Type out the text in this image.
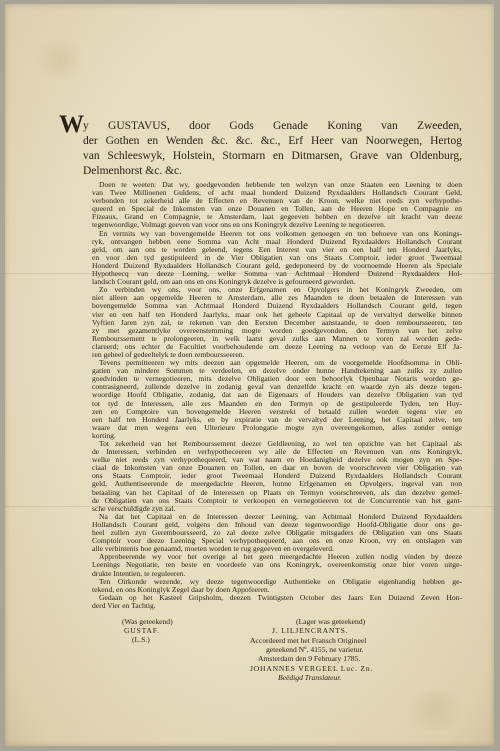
W y GUSTAVUS, door Gods Genade Koning van Zweeden,
der Gothen en Wenden &c. &c. &c., Erf Heer van Noorwegen, Hertog
van Schleeswyk, Holstein, Stormarn en Ditmarsen, Grave van Oldenburg,
Delmenhorst &c. &c.
Doen te weeten: Dat wy, goedgevonden hebbende ten welzyn van onze Staaten een Leening te doen
van Twee Millioenen Guldens, of acht maal honderd Duizend Ryxdaalders Hollandsch Courant Geld,
verbonden tot zekerheid alle de Effecten en Revenuen van de Kroon, welke niet reeds zyn verhypothe-
queerd en Special de Inkomsten van onze Douanen en Tollen, aan de Heeren Hope en Compagnie en
Fizeaux, Grand en Compagnie, te Amsterdam, laat gegeeven hebben en dezelve uit kracht van deeze
tegenwoordige, Volmagt geeven van voor ons en ons Koningryk dezelve Leening te negotieeren.
En vermits wy van bovengemelde Heeren tot ons volkomen genoegen en ten behoeve van ons Konings-
ryk, ontvangen hebben eene Somma van Acht maal Honderd Duizend Ryxdaalders Hollandsch Courant
geld, om aan ons te worden geleend, tegens Een Interest van vier en een half ten Honderd Jaarlyks,
en voor den tyd gestipuleerd in de Vier Obligatien van ons Staats Comptoir, ieder groot Tweemaal
Honderd Duizend Ryxdaalders Hollandsch Courant geld, gedeponeerd by de voornoemde Heeren als Speciale
Hypotheecq van deeze Leening, welke Somma van Achtmaal Honderd Duizend Ryxdaalders Hol-
landsch Courant geld, om aan ons en ons Koningryk dezelve is gefourneerd geworden.
Zo verbinden wy ons, voor ons, onze Erfgenamen en Opvolgers in het Koningryk Zweeden, om
niet alleen aan opgemelde Heeren te Amsterdam, alle zes Maanden te doen betaalen de Interessen van
bovengemelde Somma van Achtmaal Honderd Duizend Ryxdaalders Hollandsch Courant geld, tegen
vier en een half ten Honderd Jaarlyks, maar ook het geheele Capitaal op de vervaltyd derwelke binnen
Vyftien Jaren zyn zal, te rekenen van den Eersten December aanstaande, te doen remboursseeren, ten
zy met gezamentlyke overeenstemming mogte worden goedgevonden, den Termyn van het zelve
Rembourssement te prolongeeren, in welk laatst geval zulks aan Mannen te voren zal worden gede-
clareerd; ons echter de Facultiet voorbehoudende om deeze Leening na verloop van de Eerste Elf Ja-
ren geheel of gedeeltelyk te doen remboursseeren.
Tevens permitteeren wy mits deezen aan opgemelde Heeren, om de voorgemelde Hoofdsomma in Obli-
gatien van mindere Sommen te verdeelen, en dezelve onder hunne Handtekening aan zulks zy zullen
goedvinden te vernegotieeren, mits dezelve Obligatien door een behoorlyk Openbaar Notaris worden ge-
contrasigneerd, zullende dezelve in zodanig geval van denzelfde kracht en waarde zyn als deeze tegen-
woordige Hoofd Obligatie, zodanig, dat aan de Eigenaars of Houders van dezelve Obligatien van tyd
tot tyd de Interessen, alle zes Maanden en den Termyn op de gestipuleerde Tyden, ten Huy-
zen en Comptoire van bovengemelde Heeren verstrekt of betaald zullen worden tegens vier en
een half ten Honderd Jaarlyks, en by expiratie van de vervaltyd der Leening, het Capitaal zelve, ten
waare dat men wegens een Ulterieure Prolongatie mogte zyn overeengekomen, alles zonder eenige
korting.
Tot zekerheid van het Rembourssement deezer Geldleening, zo wel ten opzichte van het Capitaal als
de Interessen, verbinden en verhypotheceeren wy alle de Effecten en Revenuen van ons Koningryk,
welke niet reeds zyn verhypothequeerd, van wat naam en Hoedanigheid dezelve ook mogen zyn en Spe-
ciaal de Inkomsten van onze Douanen en Tollen, en daar en boven de voorschreven vier Obligatien van
ons Staats Comptoir, ieder groot Tweemaal Honderd Duizend Ryxdaalders Hollandsch Courant
geld, Authentiseerende de meergedachte Heeren, hunne Erfgenamen en Opvolgers, ingeval van non
betaaling van het Capitaal of de Interessen op Plaats en Termyn voorschreeven, als dan dezelve gemel-
de Obligatien van ons Staats Comptoir te verkoopen en vernegotieeren tot de Concurrentie van het gant-
sche verschuldigde zyn zal.
Na dat het Capitaal en de Interessen deezer Leening, van Achtmaal Honderd Duizend Ryxdaalders
Hollandsch Courant geld, volgens den Inhoud van deeze tegenwoordige Hoofd-Obligatie door ons ge-
heel zullen zyn Geremboursseerd, zo zal deeze zelve Obligatie mitsgaders de Obligatien van ons Staats
Comptoir voor deeze Leening Special verhypothequeerd, aan ons en onze Kroon, vry en ontslagen van
alle verbintenis hoe genaamd, moeten worden te rug gegeeven en overgeleverd.
Approbeerende wy voor het overige al het geen meergedachte Heeren zullen nodig vinden by deeze
Leenings Negotiatie, ten beste en voordeele van ons Koningryk, overeenkomstig onze hier voren uitge-
drukte Intentien, te reguleeren.
Ten Oirkonde wezende, wy deeze tegenwoordige Authentieke en Obligatie eigenhandig hebben ge-
tekend, en ons Koninglyk Zegel daar by doen Appofeeren.
Gedaan op het Kasteel Gripsholm, deezen Twintigsten October des Jaars Een Duizend Zeven Hon-
derd Vier en Tachtig.
(Was geteekend)
GUSTAF.
(L.S.)
(Lager was geteekend)
J. LILJENCRANTS.
Accordeerd met het Fransch Origineel
geteekend Nº. 4155, ne varietur.
Amsterdam den 9 February 1785.
JOHANNES VERGEEL Luc. Zn.
Beëdigd Translateur.
